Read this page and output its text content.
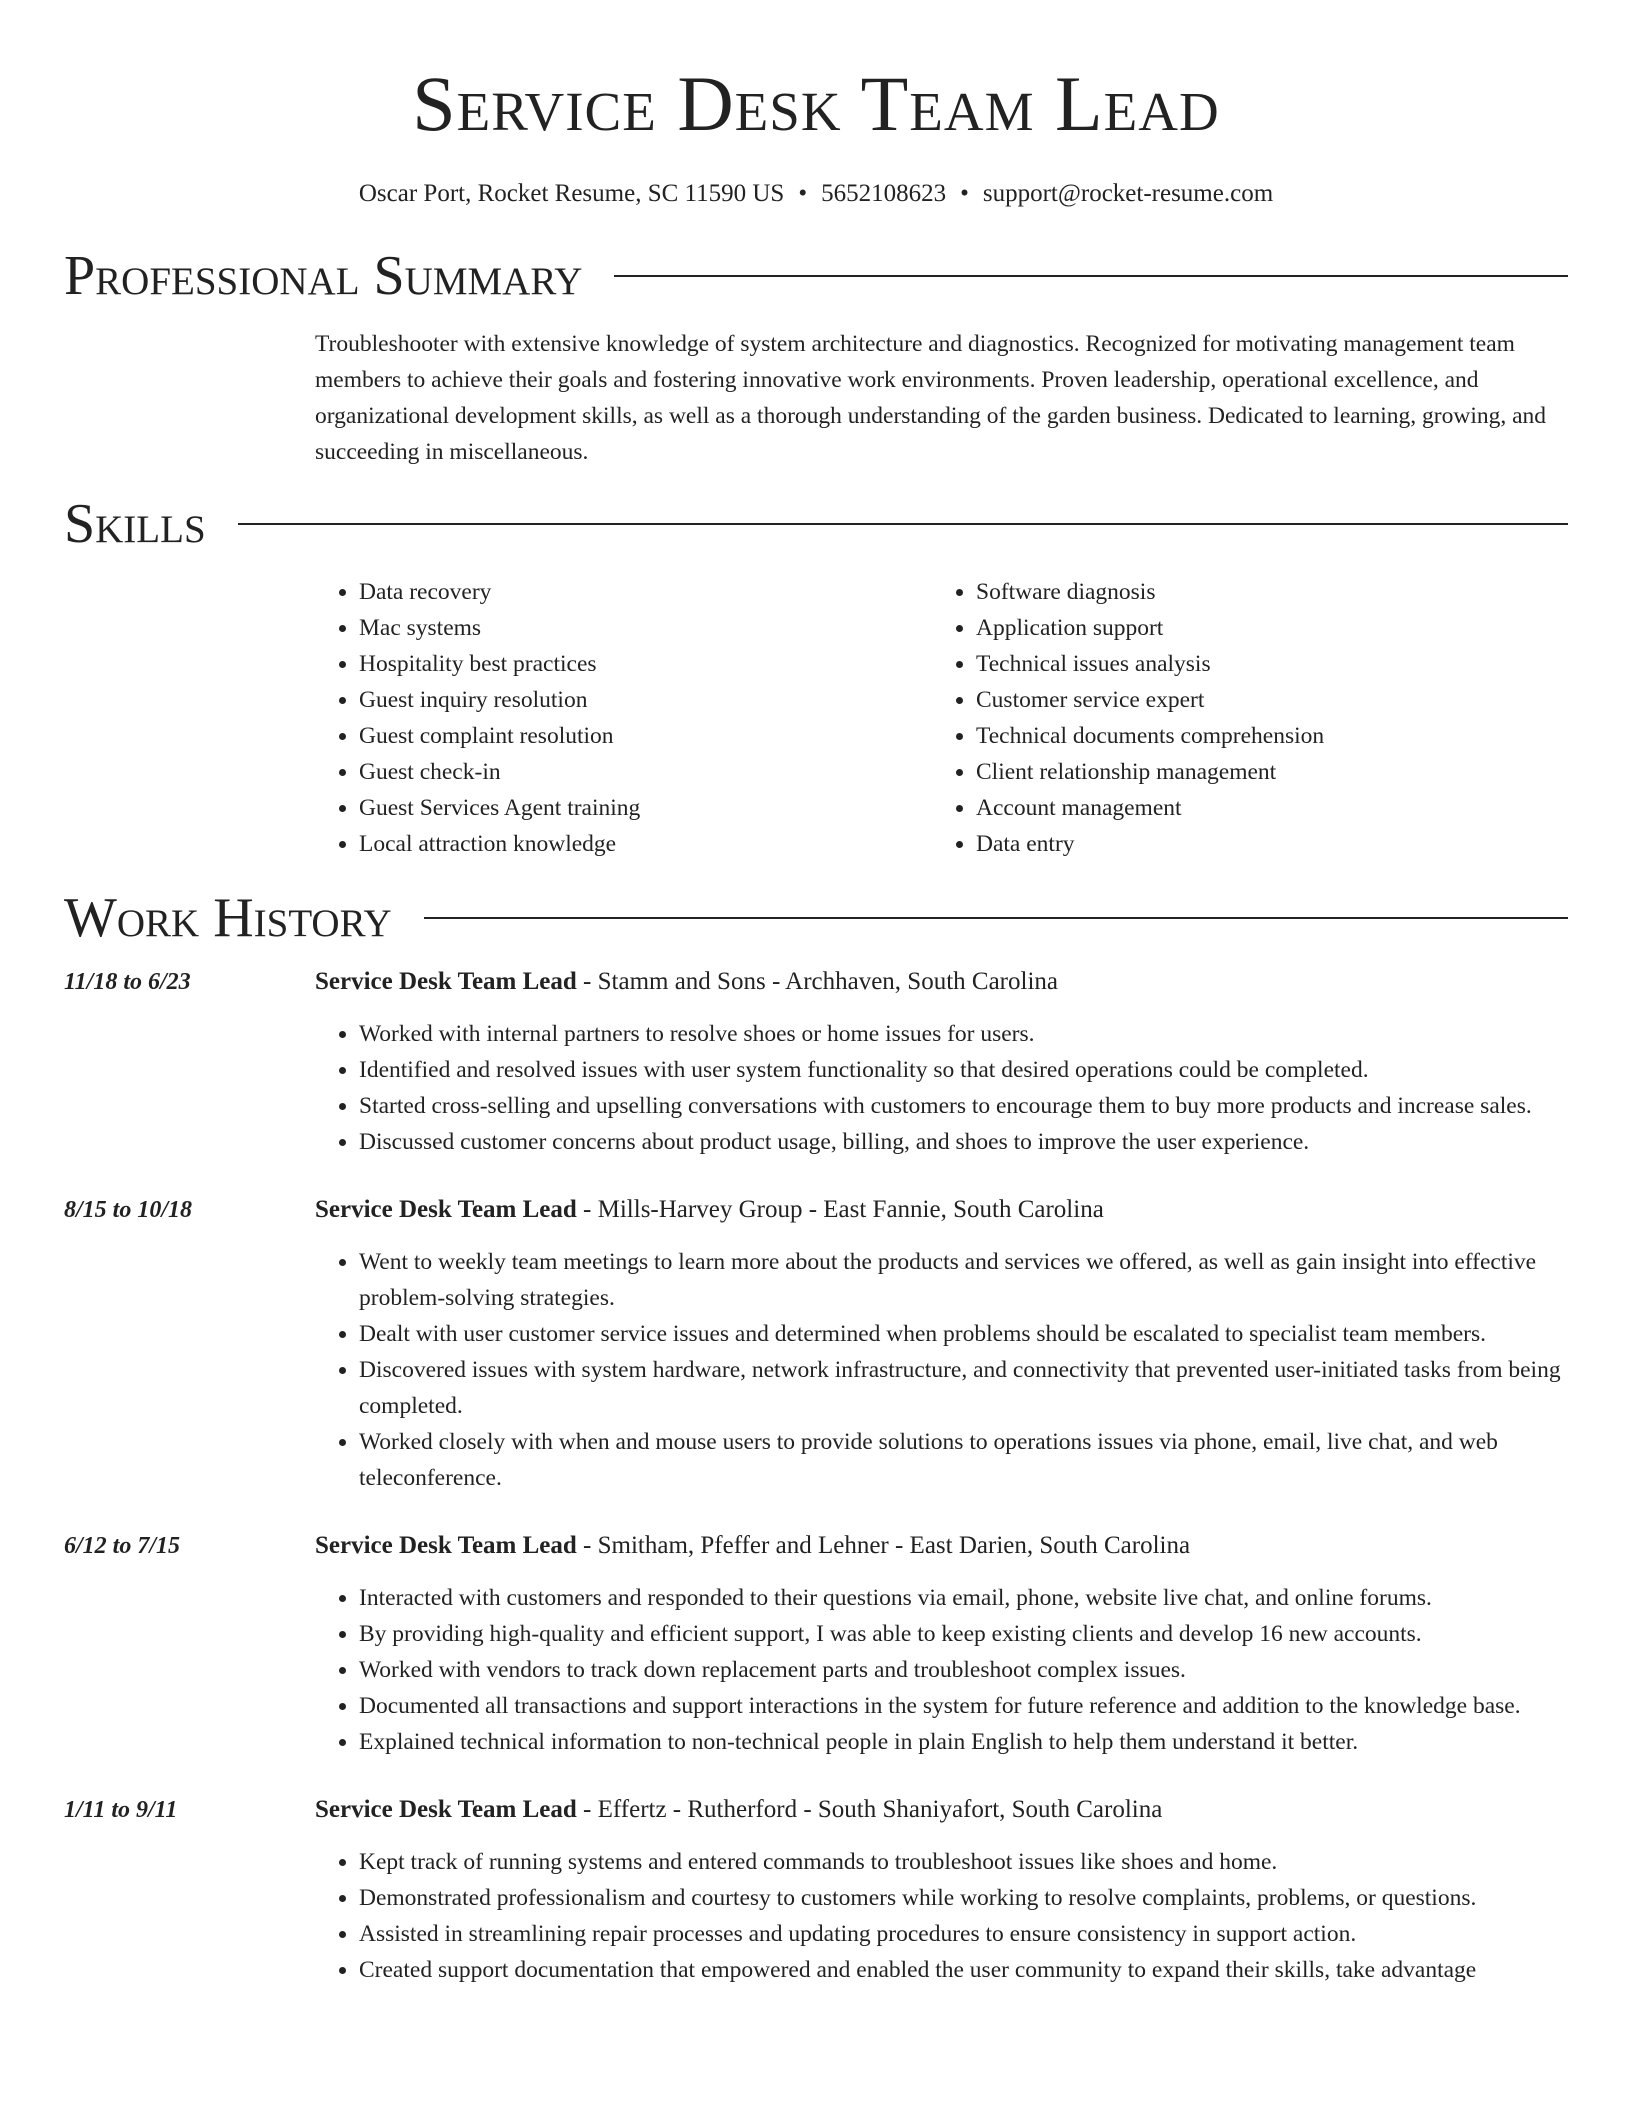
Service Desk Team Lead
Oscar Port, Rocket Resume, SC 11590 US • 5652108623 • support@rocket-resume.com
Professional Summary

Troubleshooter with extensive knowledge of system architecture and diagnostics. Recognized for motivating management team members to achieve their goals and fostering innovative work environments. Proven leadership, operational excellence, and organizational development skills, as well as a thorough understanding of the garden business. Dedicated to learning, growing, and succeeding in miscellaneous.

Skills
• Data recovery
• Mac systems
• Hospitality best practices
• Guest inquiry resolution
• Guest complaint resolution
• Guest check-in
• Guest Services Agent training
• Local attraction knowledge
• Software diagnosis
• Application support
• Technical issues analysis
• Customer service expert
• Technical documents comprehension
• Client relationship management
• Account management
• Data entry
Work History
11/18 to 6/23	Service Desk Team Lead - Stamm and Sons - Archhaven, South Carolina

• Worked with internal partners to resolve shoes or home issues for users.
• Identified and resolved issues with user system functionality so that desired operations could be completed.
• Started cross-selling and upselling conversations with customers to encourage them to buy more products and increase sales.
• Discussed customer concerns about product usage, billing, and shoes to improve the user experience.
8/15 to 10/18	Service Desk Team Lead - Mills-Harvey Group - East Fannie, South Carolina

• Went to weekly team meetings to learn more about the products and services we offered, as well as gain insight into effective problem-solving strategies.
• Dealt with user customer service issues and determined when problems should be escalated to specialist team members.
• Discovered issues with system hardware, network infrastructure, and connectivity that prevented user-initiated tasks from being completed.
• Worked closely with when and mouse users to provide solutions to operations issues via phone, email, live chat, and web teleconference.
6/12 to 7/15	Service Desk Team Lead - Smitham, Pfeffer and Lehner - East Darien, South Carolina

• Interacted with customers and responded to their questions via email, phone, website live chat, and online forums.
• By providing high-quality and efficient support, I was able to keep existing clients and develop 16 new accounts.
• Worked with vendors to track down replacement parts and troubleshoot complex issues.
• Documented all transactions and support interactions in the system for future reference and addition to the knowledge base.
• Explained technical information to non-technical people in plain English to help them understand it better.
1/11 to 9/11	Service Desk Team Lead - Effertz - Rutherford - South Shaniyafort, South Carolina

• Kept track of running systems and entered commands to troubleshoot issues like shoes and home.
• Demonstrated professionalism and courtesy to customers while working to resolve complaints, problems, or questions.
• Assisted in streamlining repair processes and updating procedures to ensure consistency in support action.
• Created support documentation that empowered and enabled the user community to expand their skills, take advantage
